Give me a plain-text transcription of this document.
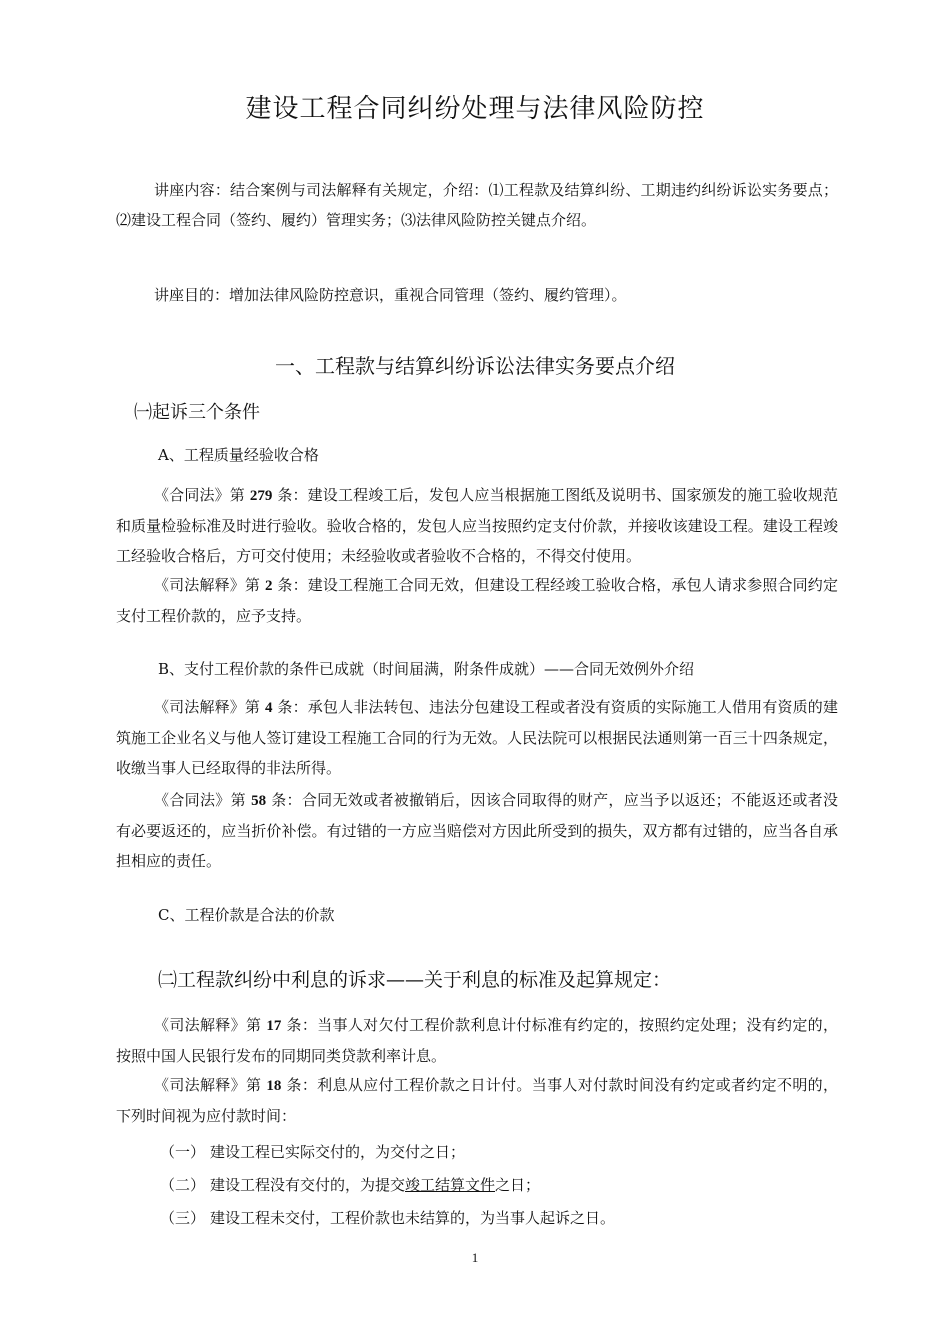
建设工程合同纠纷处理与法律风险防控

讲座内容：结合案例与司法解释有关规定，介绍：⑴工程款及结算纠纷、工期违约纠纷诉讼实务要点；⑵建设工程合同（签约、履约）管理实务；⑶法律风险防控关键点介绍。

讲座目的：增加法律风险防控意识，重视合同管理（签约、履约管理）。

一、工程款与结算纠纷诉讼法律实务要点介绍
㈠起诉三个条件
A、工程质量经验收合格

《合同法》第 279 条：建设工程竣工后，发包人应当根据施工图纸及说明书、国家颁发的施工验收规范和质量检验标准及时进行验收。验收合格的，发包人应当按照约定支付价款，并接收该建设工程。建设工程竣工经验收合格后，方可交付使用；未经验收或者验收不合格的，不得交付使用。

《司法解释》第 2 条：建设工程施工合同无效，但建设工程经竣工验收合格，承包人请求参照合同约定支付工程价款的，应予支持。

B、支付工程价款的条件已成就（时间届满，附条件成就）——合同无效例外介绍

《司法解释》第 4 条：承包人非法转包、违法分包建设工程或者没有资质的实际施工人借用有资质的建筑施工企业名义与他人签订建设工程施工合同的行为无效。人民法院可以根据民法通则第一百三十四条规定，收缴当事人已经取得的非法所得。

《合同法》第 58 条：合同无效或者被撤销后，因该合同取得的财产，应当予以返还；不能返还或者没有必要返还的，应当折价补偿。有过错的一方应当赔偿对方因此所受到的损失，双方都有过错的，应当各自承担相应的责任。

C、工程价款是合法的价款
㈡工程款纠纷中利息的诉求——关于利息的标准及起算规定：

《司法解释》第 17 条：当事人对欠付工程价款利息计付标准有约定的，按照约定处理；没有约定的，按照中国人民银行发布的同期同类贷款利率计息。

《司法解释》第 18 条：利息从应付工程价款之日计付。当事人对付款时间没有约定或者约定不明的，下列时间视为应付款时间：

（一） 建设工程已实际交付的，为交付之日；
（二） 建设工程没有交付的，为提交竣工结算文件之日；
（三） 建设工程未交付，工程价款也未结算的，为当事人起诉之日。
1
